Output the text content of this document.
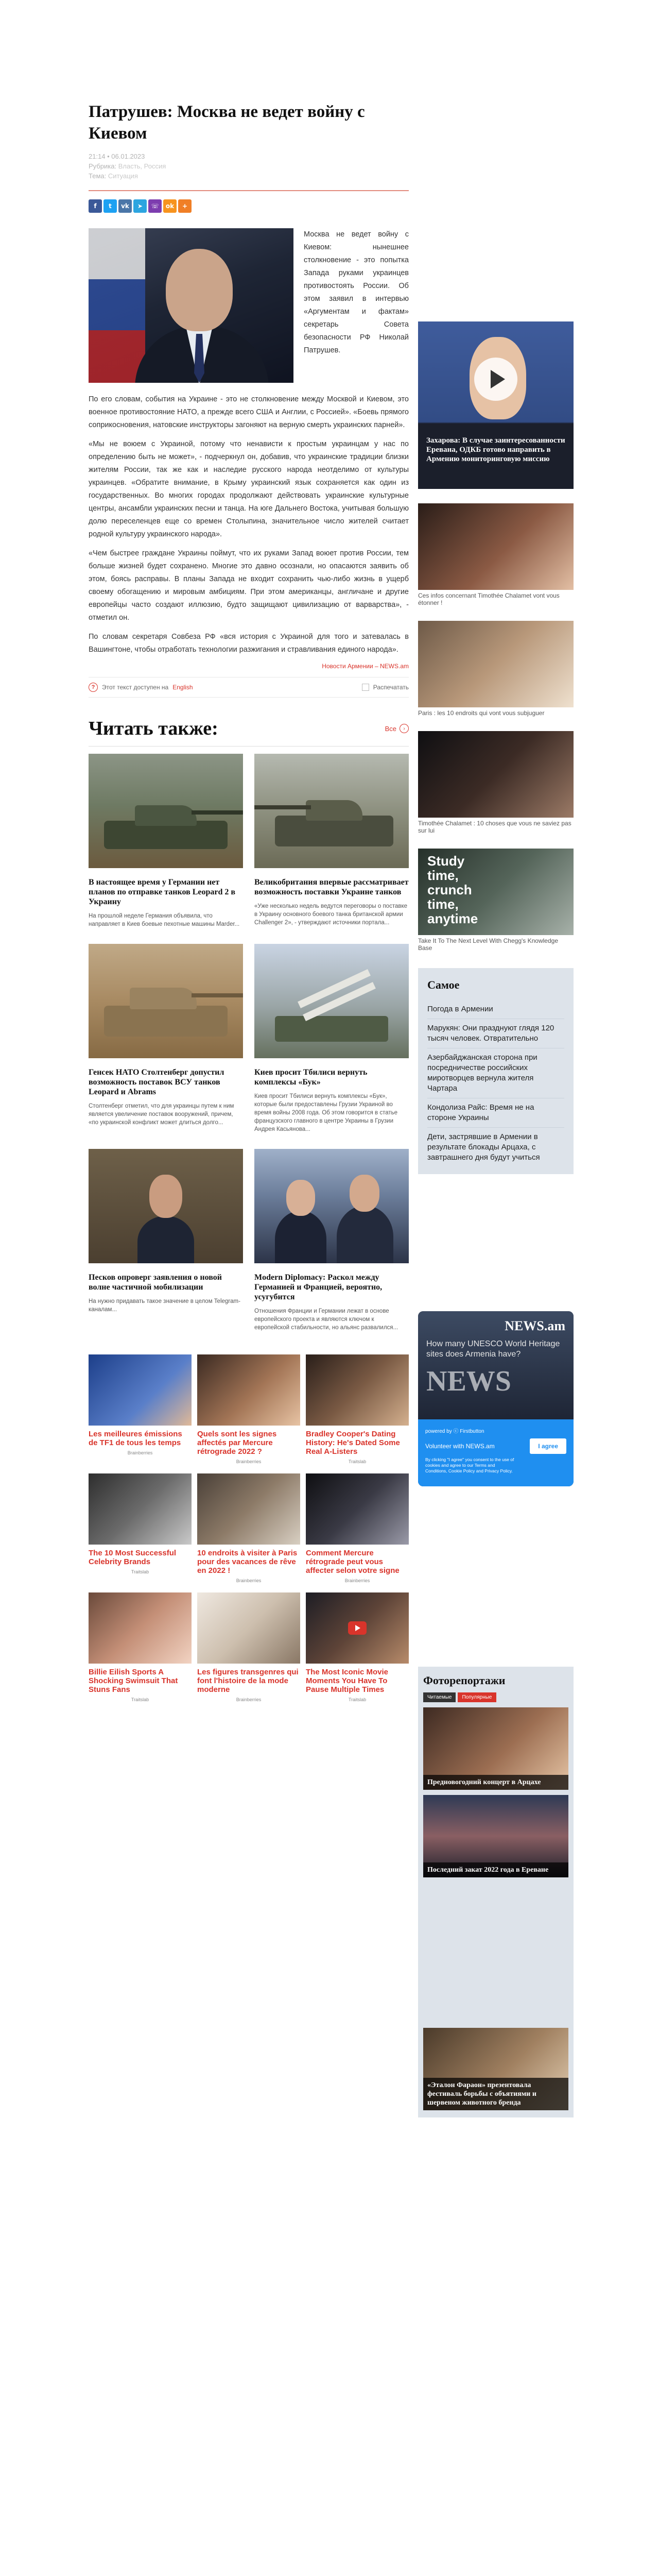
Патрушев: Москва не ведет войну с Киевом
21:14 • 06.01.2023
Рубрика: Власть, Россия
Тема: Ситуация
f	t	vk	➤	☏	ok	+

Москва не ведет войну с Киевом: нынешнее столкновение - это попытка Запада руками украинцев противостоять России. Об этом заявил в интервью «Аргументам и фактам» секретарь Совета безопасности РФ Николай Патрушев.

По его словам, события на Украине - это не столкновение между Москвой и Киевом, это военное противостояние НАТО, а прежде всего США и Англии, с Россией». «Боевь прямого соприкосновения, натовские инструкторы загоняют на верную смерть украинских парней».

«Мы не воюем с Украиной, потому что ненависти к простым украинцам у нас по определению быть не может», - подчеркнул он, добавив, что украинские традиции близки жителям России, так же как и наследие русского народа неотделимо от культуры украинцев. «Обратите внимание, в Крыму украинский язык сохраняется как один из государственных. Во многих городах продолжают действовать украинские культурные центры, ансамбли украинских песни и танца. На юге Дальнего Востока, учитывая большую долю переселенцев еще со времен Столыпина, значительное число жителей считает родной культуру украинского народа».

«Чем быстрее граждане Украины поймут, что их руками Запад воюет против России, тем больше жизней будет сохранено. Многие это давно осознали, но опасаются заявить об этом, боясь расправы. В планы Запада не входит сохранить чью-либо жизнь в ущерб своему обогащению и мировым амбициям. При этом американцы, англичане и другие европейцы часто создают иллюзию, будто защищают цивилизацию от варварства», - отметил он.

По словам секретаря Совбеза РФ «вся история с Украиной для того и затевалась в Вашингтоне, чтобы отработать технологии разжигания и стравливания единого народа».

Новости Армении – NEWS.am
?	Этот текст доступен на English	Распечатать
Читать также:	Все	›
В настоящее время у Германии нет планов по отправке танков Leopard 2 в Украину
На прошлой неделе Германия объявила, что направляет в Киев боевые пехотные машины Marder...
Великобритания впервые рассматривает возможность поставки Украине танков
«Уже несколько недель ведутся переговоры о поставке в Украину основного боевого танка британской армии Challenger 2», - утверждают источники портала...
Генсек НАТО Столтенберг допустил возможность поставок ВСУ танков Leopard и Abrams
Столтенберг отметил, что для украинцы путем к ним является увеличение поставок вооружений, причем, «по украинской конфликт может длиться долго...
Киев просит Тбилиси вернуть комплексы «Бук»
Киев просит Тбилиси вернуть комплексы «Бук», которые были предоставлены Грузии Украиной во время войны 2008 года. Об этом говорится в статье французского главного в центре Украины в Грузии Андрея Касьянова...
Песков опроверг заявления о новой волне частичной мобилизации
На нужно придавать такое значение в целом Telegram-каналам...
Modern Diplomacy: Раскол между Германией и Францией, вероятно, усугубится
Отношения Франции и Германии лежат в основе европейского проекта и являются ключом к европейской стабильности, но альянс развалился...
Les meilleures émissions de TF1 de tous les temps
Brainberries
Quels sont les signes affectés par Mercure rétrograde 2022 ?
Brainberries
Bradley Cooper's Dating History: He's Dated Some Real A-Listers
Traitslab
The 10 Most Successful Celebrity Brands
Traitslab
10 endroits à visiter à Paris pour des vacances de rêve en 2022 !
Brainberries
Comment Mercure rétrograde peut vous affecter selon votre signe
Brainberries
Billie Eilish Sports A Shocking Swimsuit That Stuns Fans
Traitslab
Les figures transgenres qui font l'histoire de la mode moderne
Brainberries
The Most Iconic Movie Moments You Have To Pause Multiple Times
Traitslab
Захарова: В случае заинтересованности Еревана, ОДКБ готово направить в Армению мониторинговую миссию
Ces infos concernant Timothée Chalamet vont vous étonner !
Paris : les 10 endroits qui vont vous subjuguer
Timothée Chalamet : 10 choses que vous ne saviez pas sur lui
Study time, crunch time, anytime
Take It To The Next Level With Chegg's Knowledge Base
Самое
Погода в Армении
Марукян: Они празднуют глядя 120 тысяч человек. Отвратительно
Азербайджанская сторона при посредничестве российских миротворцев вернула жителя Чартара
Кондолиза Райс: Время не на стороне Украины
Дети, застрявшие в Армении в результате блокады Арцаха, с завтрашнего дня будут учиться
NEWS.am
How many UNESCO World Heritage sites does Armenia have?
NEWS
powered by ⓒ Firstbutton
Volunteer with NEWS.am	I agree
By clicking "I agree" you consent to the use of cookies and agree to our Terms and Conditions, Cookie Policy and Privacy Policy.
Фоторепортажи
Читаемые	Популярные
Предновогодний концерт в Арцахе
Последний закат 2022 года в Ереване
«Эталон Фараон» презентовала фестиваль борьбы с объятиями и шервеном животного бренда
